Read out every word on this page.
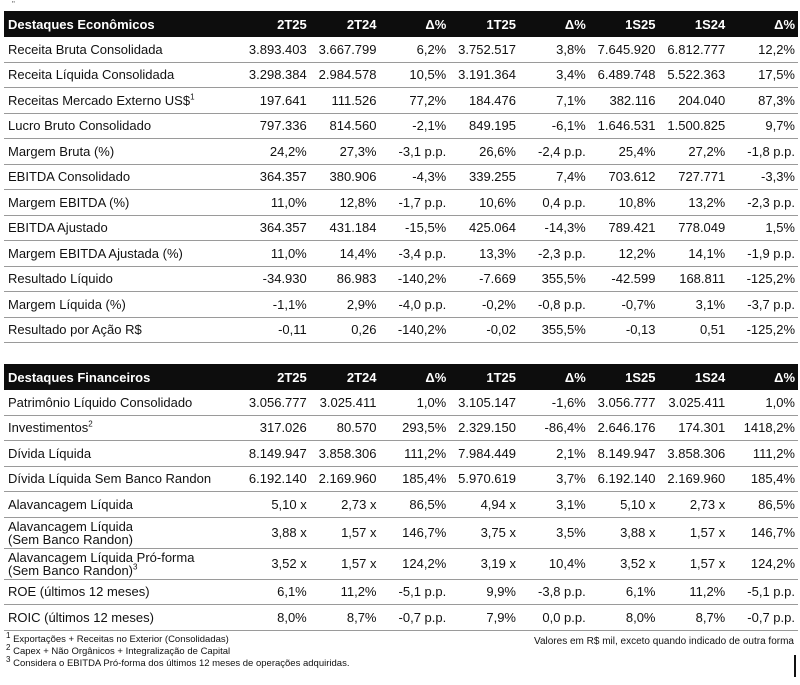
"
Destaques Econômicos	2T25	2T24	Δ%	1T25	Δ%	1S25	1S24	Δ%
Receita Bruta Consolidada	3.893.403	3.667.799	6,2%	3.752.517	3,8%	7.645.920	6.812.777	12,2%
Receita Líquida Consolidada	3.298.384	2.984.578	10,5%	3.191.364	3,4%	6.489.748	5.522.363	17,5%
Receitas Mercado Externo US\$$^1$	197.641	111.526	77,2%	184.476	7,1%	382.116	204.040	87,3%
Lucro Bruto Consolidado	797.336	814.560	-2,1%	849.195	-6,1%	1.646.531	1.500.825	9,7%
Margem Bruta (%)	24,2%	27,3%	-3,1 p.p.	26,6%	-2,4 p.p.	25,4%	27,2%	-1,8 p.p.
EBITDA Consolidado	364.357	380.906	-4,3%	339.255	7,4%	703.612	727.771	-3,3%
Margem EBITDA (%)	11,0%	12,8%	-1,7 p.p.	10,6%	0,4 p.p.	10,8%	13,2%	-2,3 p.p.
EBITDA Ajustado	364.357	431.184	-15,5%	425.064	-14,3%	789.421	778.049	1,5%
Margem EBITDA Ajustada (%)	11,0%	14,4%	-3,4 p.p.	13,3%	-2,3 p.p.	12,2%	14,1%	-1,9 p.p.
Resultado Líquido	-34.930	86.983	-140,2%	-7.669	355,5%	-42.599	168.811	-125,2%
Margem Líquida (%)	-1,1%	2,9%	-4,0 p.p.	-0,2%	-0,8 p.p.	-0,7%	3,1%	-3,7 p.p.
Resultado por Ação R$	-0,11	0,26	-140,2%	-0,02	355,5%	-0,13	0,51	-125,2%
Destaques Financeiros	2T25	2T24	Δ%	1T25	Δ%	1S25	1S24	Δ%
Patrimônio Líquido Consolidado	3.056.777	3.025.411	1,0%	3.105.147	-1,6%	3.056.777	3.025.411	1,0%
Investimentos$^2$	317.026	80.570	293,5%	2.329.150	-86,4%	2.646.176	174.301	1418,2%
Dívida Líquida	8.149.947	3.858.306	111,2%	7.984.449	2,1%	8.149.947	3.858.306	111,2%
Dívida Líquida Sem Banco Randon	6.192.140	2.169.960	185,4%	5.970.619	3,7%	6.192.140	2.169.960	185,4%
Alavancagem Líquida	5,10 x	2,73 x	86,5%	4,94 x	3,1%	5,10 x	2,73 x	86,5%

Alavancagem Líquida
(Sem Banco Randon)	3,88 x	1,57 x	146,7%	3,75 x	3,5%	3,88 x	1,57 x	146,7%

Alavancagem Líquida Pró-forma
(Sem Banco Randon)$^3$	3,52 x	1,57 x	124,2%	3,19 x	10,4%	3,52 x	1,57 x	124,2%
ROE (últimos 12 meses)	6,1%	11,2%	-5,1 p.p.	9,9%	-3,8 p.p.	6,1%	11,2%	-5,1 p.p.
ROIC (últimos 12 meses)	8,0%	8,7%	-0,7 p.p.	7,9%	0,0 p.p.	8,0%	8,7%	-0,7 p.p.
$^1$ Exportações + Receitas no Exterior (Consolidadas)
$^2$ Capex + Não Orgânicos + Integralização de Capital
$^3$ Considera o EBITDA Pró-forma dos últimos 12 meses de operações adquiridas.
Valores em R$ mil, exceto quando indicado de outra forma
